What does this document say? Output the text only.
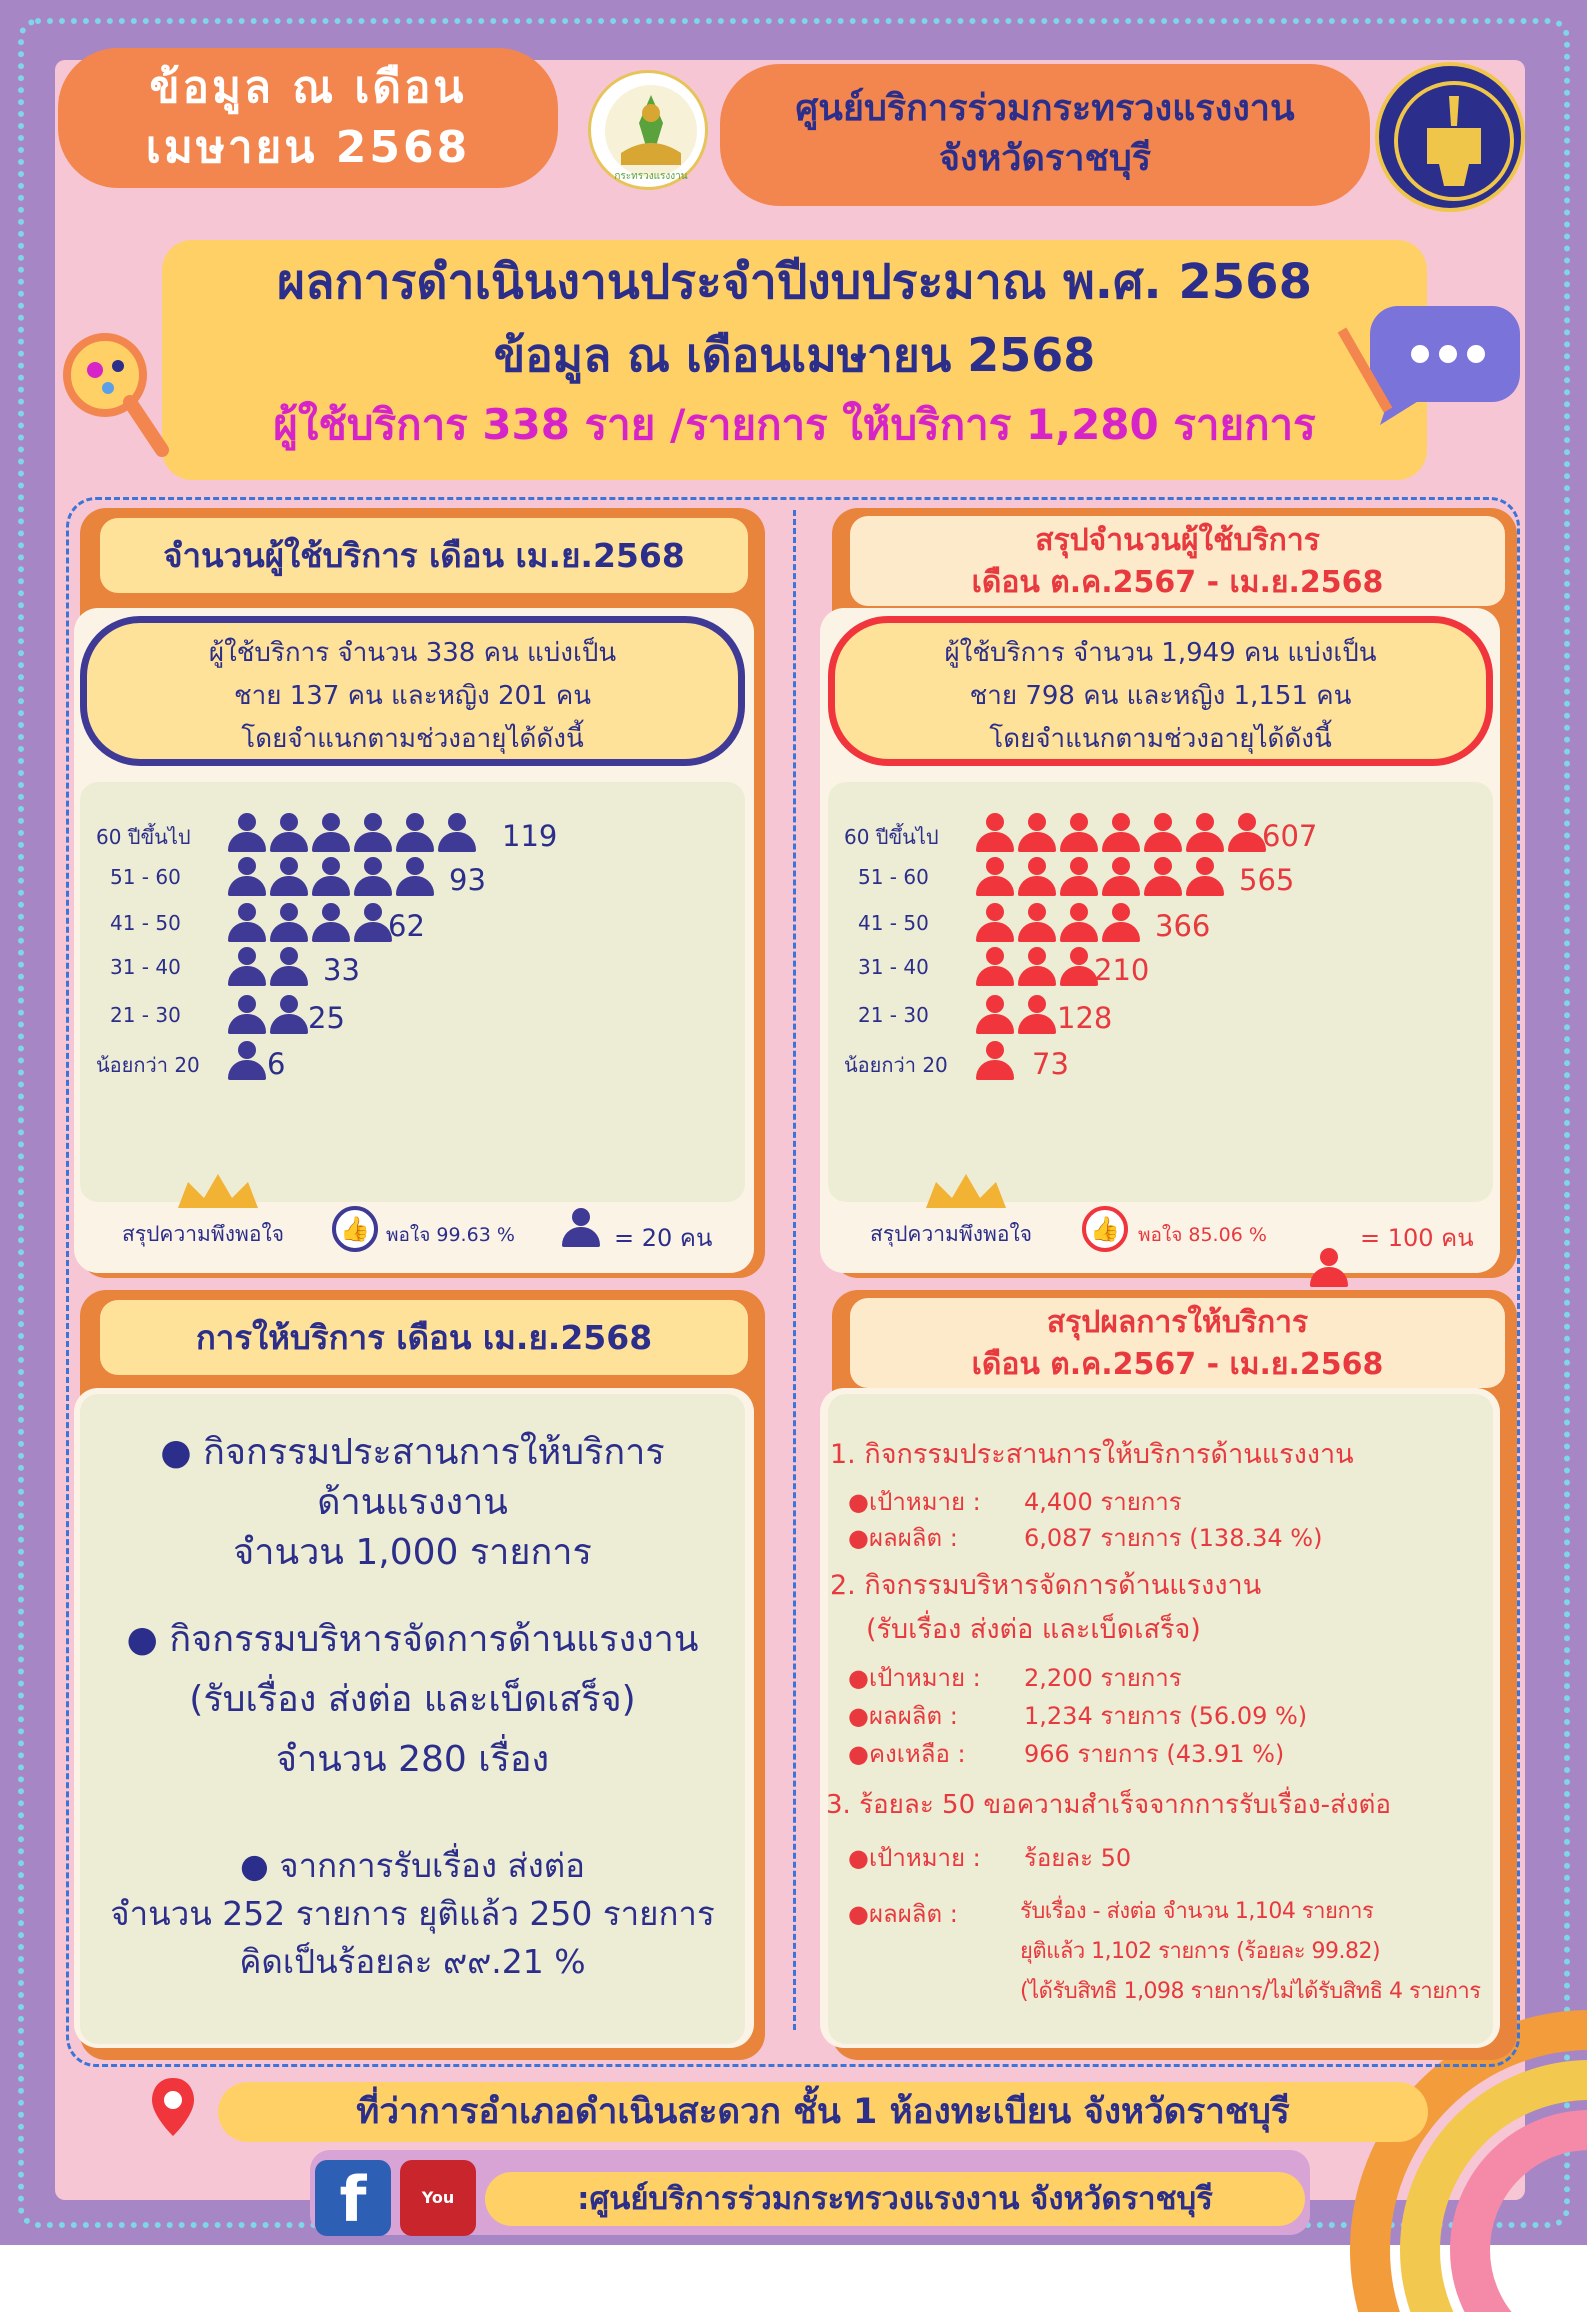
ข้อมูล ณ เดือน
เมษายน 2568
กระทรวงแรงงาน
ศูนย์บริการร่วมกระทรวงแรงงาน
จังหวัดราชบุรี
ผลการดำเนินงานประจำปีงบประมาณ พ.ศ. 2568
ข้อมูล ณ เดือนเมษายน 2568
ผู้ใช้บริการ 338 ราย /รายการ ให้บริการ 1,280 รายการ
จำนวนผู้ใช้บริการ เดือน เม.ย.2568
ผู้ใช้บริการ จำนวน 338 คน แบ่งเป็น
ชาย 137 คน และหญิง 201 คน
โดยจำแนกตามช่วงอายุได้ดังนี้
60 ปีขึ้นไป	119
51 - 60	93
41 - 50	62
31 - 40	33
21 - 30	25
น้อยกว่า 20 6
สรุปความพึงพอใจ	👍 พอใจ 99.63 %	= 20 คน
สรุปจำนวนผู้ใช้บริการ
เดือน ต.ค.2567 - เม.ย.2568
ผู้ใช้บริการ จำนวน 1,949 คน แบ่งเป็น
ชาย 798 คน และหญิง 1,151 คน
โดยจำแนกตามช่วงอายุได้ดังนี้
60 ปีขึ้นไป	607
51 - 60	565
41 - 50	366
31 - 40	210
21 - 30	128
น้อยกว่า 20	73
สรุปความพึงพอใจ	👍 พอใจ 85.06 %	= 100 คน
การให้บริการ เดือน เม.ย.2568
● กิจกรรมประสานการให้บริการ
ด้านแรงงาน
จำนวน 1,000 รายการ
● กิจกรรมบริหารจัดการด้านแรงงาน
(รับเรื่อง ส่งต่อ และเบ็ดเสร็จ)
จำนวน 280 เรื่อง
● จากการรับเรื่อง ส่งต่อ
จำนวน 252 รายการ ยุติแล้ว 250 รายการ
คิดเป็นร้อยละ ๙๙.21 %
สรุปผลการให้บริการ
เดือน ต.ค.2567 - เม.ย.2568
1. กิจกรรมประสานการให้บริการด้านแรงงาน
●เป้าหมาย : 4,400 รายการ
●ผลผลิต :	6,087 รายการ (138.34 %)
2. กิจกรรมบริหารจัดการด้านแรงงาน
(รับเรื่อง ส่งต่อ และเบ็ดเสร็จ)
●เป้าหมาย : 2,200 รายการ
●ผลผลิต :	1,234 รายการ (56.09 %)
●คงเหลือ : 966 รายการ (43.91 %)
3. ร้อยละ 50 ขอความสำเร็จจากการรับเรื่อง-ส่งต่อ
●เป้าหมาย : ร้อยละ 50
●ผลผลิต :	รับเรื่อง - ส่งต่อ จำนวน 1,104 รายการ
ยุติแล้ว 1,102 รายการ (ร้อยละ 99.82)
(ได้รับสิทธิ 1,098 รายการ/ไม่ได้รับสิทธิ 4 รายการ
ที่ว่าการอำเภอดำเนินสะดวก ชั้น 1 ห้องทะเบียน จังหวัดราชบุรี
f	You Tube
:ศูนย์บริการร่วมกระทรวงแรงงาน จังหวัดราชบุรี
